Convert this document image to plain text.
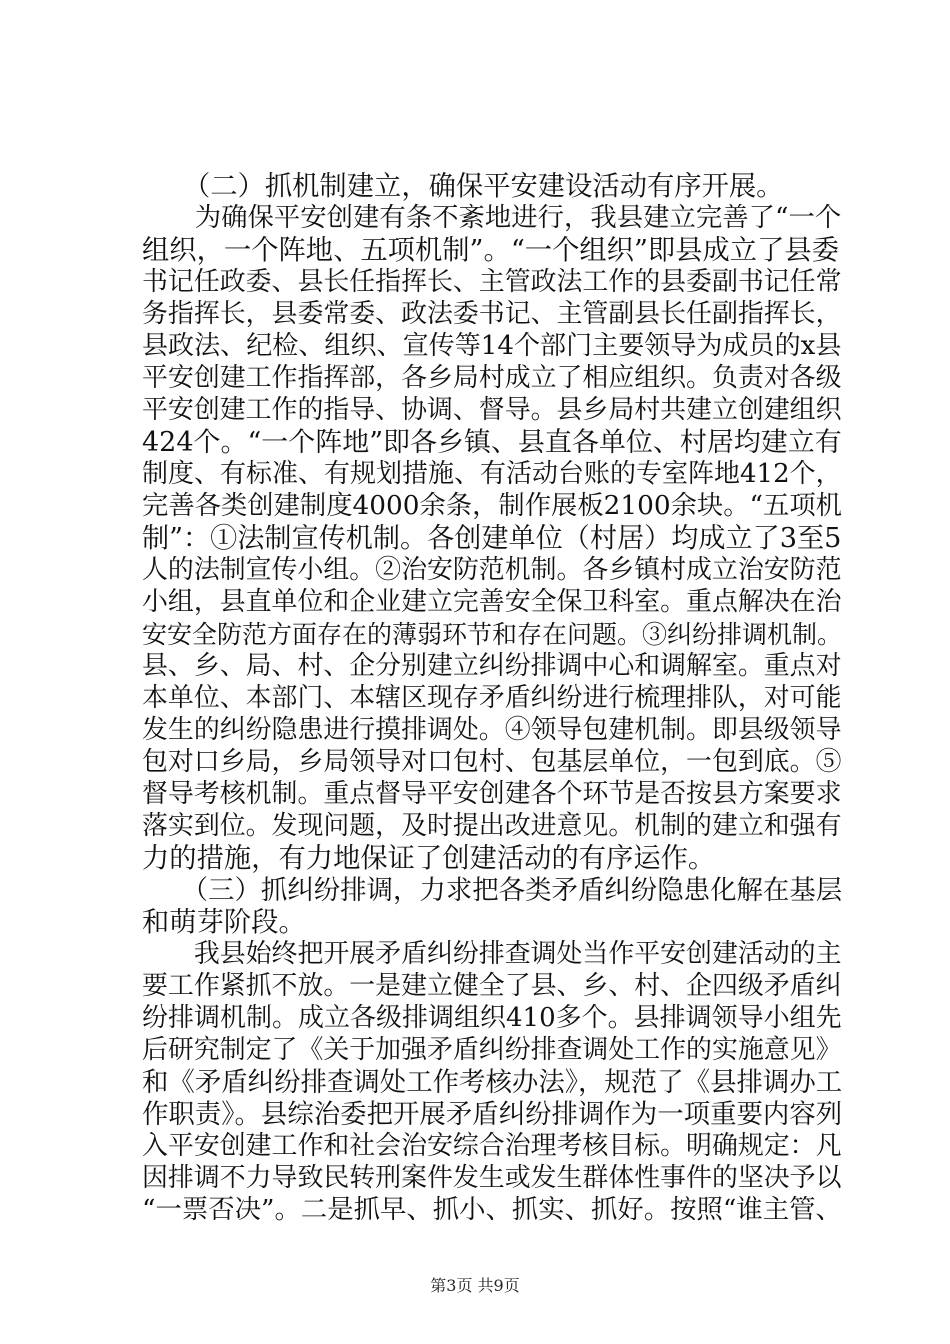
　　（二）抓机制建立，确保平安建设活动有序开展。
　　为确保平安创建有条不紊地进行，我县建立完善了“一个
组织，一个阵地、五项机制”。“一个组织”即县成立了县委
书记任政委、县长任指挥长、主管政法工作的县委副书记任常
务指挥长，县委常委、政法委书记、主管副县长任副指挥长，
县政法、纪检、组织、宣传等14个部门主要领导为成员的x县
平安创建工作指挥部，各乡局村成立了相应组织。负责对各级
平安创建工作的指导、协调、督导。县乡局村共建立创建组织
424个。“一个阵地”即各乡镇、县直各单位、村居均建立有
制度、有标准、有规划措施、有活动台账的专室阵地412个，
完善各类创建制度4000余条，制作展板2100余块。“五项机
制”：①法制宣传机制。各创建单位（村居）均成立了3至5
人的法制宣传小组。②治安防范机制。各乡镇村成立治安防范
小组，县直单位和企业建立完善安全保卫科室。重点解决在治
安安全防范方面存在的薄弱环节和存在问题。③纠纷排调机制。
县、乡、局、村、企分别建立纠纷排调中心和调解室。重点对
本单位、本部门、本辖区现存矛盾纠纷进行梳理排队，对可能
发生的纠纷隐患进行摸排调处。④领导包建机制。即县级领导
包对口乡局，乡局领导对口包村、包基层单位，一包到底。⑤
督导考核机制。重点督导平安创建各个环节是否按县方案要求
落实到位。发现问题，及时提出改进意见。机制的建立和强有
力的措施，有力地保证了创建活动的有序运作。
　　（三）抓纠纷排调，力求把各类矛盾纠纷隐患化解在基层
和萌芽阶段。
　　我县始终把开展矛盾纠纷排查调处当作平安创建活动的主
要工作紧抓不放。一是建立健全了县、乡、村、企四级矛盾纠
纷排调机制。成立各级排调组织410多个。县排调领导小组先
后研究制定了《关于加强矛盾纠纷排查调处工作的实施意见》
和《矛盾纠纷排查调处工作考核办法》，规范了《县排调办工
作职责》。县综治委把开展矛盾纠纷排调作为一项重要内容列
入平安创建工作和社会治安综合治理考核目标。明确规定：凡
因排调不力导致民转刑案件发生或发生群体性事件的坚决予以
“一票否决”。二是抓早、抓小、抓实、抓好。按照“谁主管、
第3页 共9页
